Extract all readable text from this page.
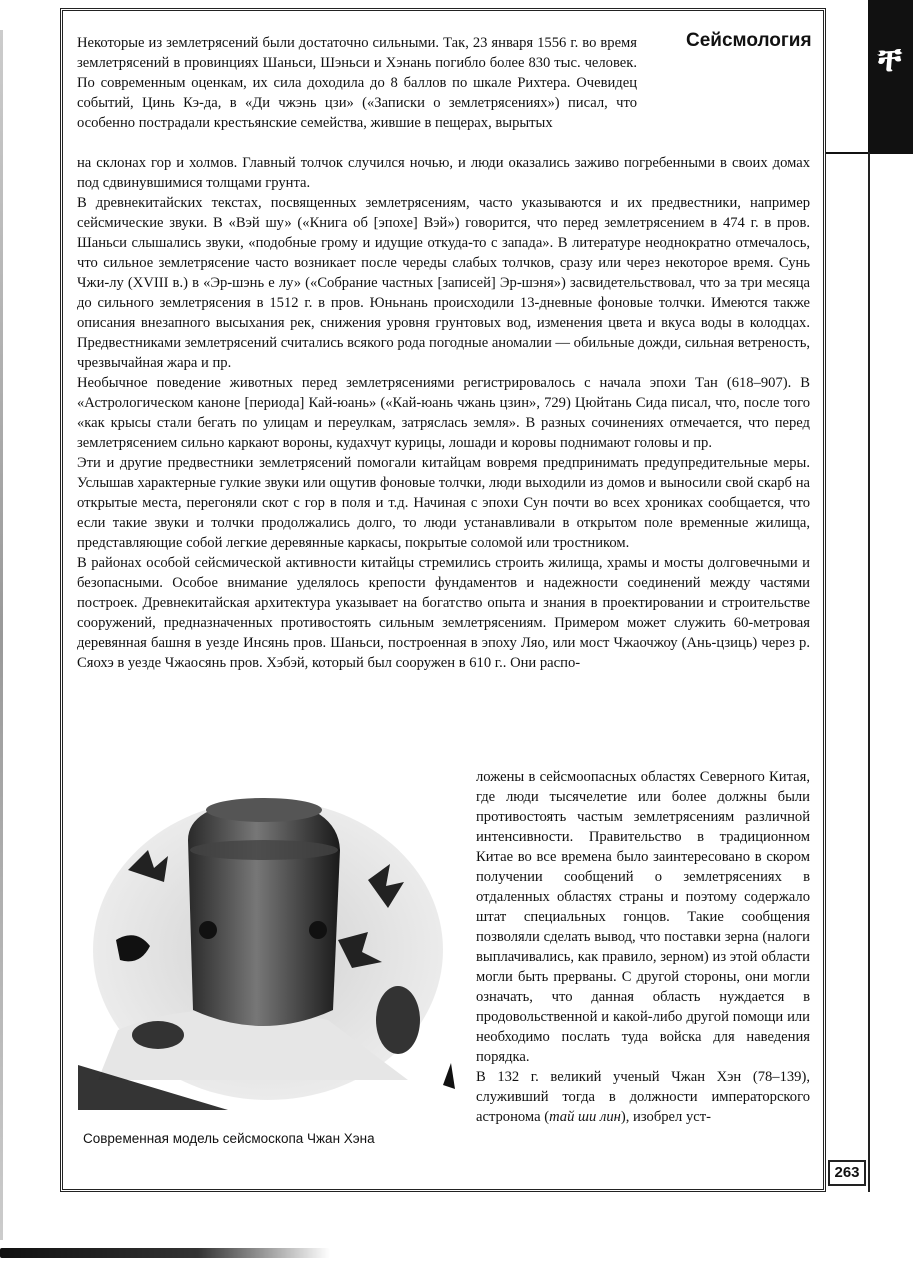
ቸ
Сейсмология

Некоторые из землетрясений были достаточно сильными. Так, 23 января 1556 г. во время землетрясений в провинциях Шаньси, Шэньси и Хэнань погибло более 830 тыс. человек. По современным оценкам, их сила доходила до 8 баллов по шкале Рихтера. Очевидец событий, Цинь Кэ-да, в «Ди чжэнь цзи» («Записки о землетрясениях») писал, что особенно пострадали крестьянские семейства, жившие в пещерах, вырытых

на склонах гор и холмов. Главный толчок случился ночью, и люди оказались заживо погребенными в своих домах под сдвинувшимися толщами грунта.

В древнекитайских текстах, посвященных землетрясениям, часто указываются и их предвестники, например сейсмические звуки. В «Вэй шу» («Книга об [эпохе] Вэй») говорится, что перед землетрясением в 474 г. в пров. Шаньси слышались звуки, «подобные грому и идущие откуда-то с запада». В литературе неоднократно отмечалось, что сильное землетрясение часто возникает после череды слабых толчков, сразу или через некоторое время. Сунь Чжи-лу (XVIII в.) в «Эр-шэнь е лу» («Собрание частных [записей] Эр-шэня») засвидетельствовал, что за три месяца до сильного землетрясения в 1512 г. в пров. Юньнань происходили 13-дневные фоновые толчки. Имеются также описания внезапного высыхания рек, снижения уровня грунтовых вод, изменения цвета и вкуса воды в колодцах. Предвестниками землетрясений считались всякого рода погодные аномалии — обильные дожди, сильная ветреность, чрезвычайная жара и пр.

Необычное поведение животных перед землетрясениями регистрировалось с начала эпохи Тан (618–907). В «Астрологическом каноне [периода] Кай-юань» («Кай-юань чжань цзин», 729) Цюйтань Сида писал, что, после того «как крысы стали бегать по улицам и переулкам, затряслась земля». В разных сочинениях отмечается, что перед землетрясением сильно каркают вороны, кудахчут курицы, лошади и коровы поднимают головы и пр.

Эти и другие предвестники землетрясений помогали китайцам вовремя предпринимать предупредительные меры. Услышав характерные гулкие звуки или ощутив фоновые толчки, люди выходили из домов и выносили свой скарб на открытые места, перегоняли скот с гор в поля и т.д. Начиная с эпохи Сун почти во всех хрониках сообщается, что если такие звуки и толчки продолжались долго, то люди устанавливали в открытом поле временные жилища, представляющие собой легкие деревянные каркасы, покрытые соломой или тростником.

В районах особой сейсмической активности китайцы стремились строить жилища, храмы и мосты долговечными и безопасными. Особое внимание уделялось крепости фундаментов и надежности соединений между частями построек. Древнекитайская архитектура указывает на богатство опыта и знания в проектировании и строительстве сооружений, предназначенных противостоять сильным землетрясениям. Примером может служить 60-метровая деревянная башня в уезде Инсянь пров. Шаньси, построенная в эпоху Ляо, или мост Чжаочжоу (Ань-цзиць) через р. Сяохэ в уезде Чжаосянь пров. Хэбэй, который был сооружен в 610 г.. Они распо-

Современная модель сейсмоскопа Чжан Хэна

ложены в сейсмоопасных областях Северного Китая, где люди тысячелетие или более должны были противостоять частым землетрясениям различной интенсивности. Правительство в традиционном Китае во все времена было заинтересовано в скором получении сообщений о землетрясениях в отдаленных областях страны и поэтому содержало штат специальных гонцов. Такие сообщения позволяли сделать вывод, что поставки зерна (налоги выплачивались, как правило, зерном) из этой области могли быть прерваны. С другой стороны, они могли означать, что данная область нуждается в продовольственной и какой-либо другой помощи или необходимо послать туда войска для наведения порядка.

В 132 г. великий ученый Чжан Хэн (78–139), служивший тогда в должности императорского астронома (тай ши лин), изобрел уст-

263
